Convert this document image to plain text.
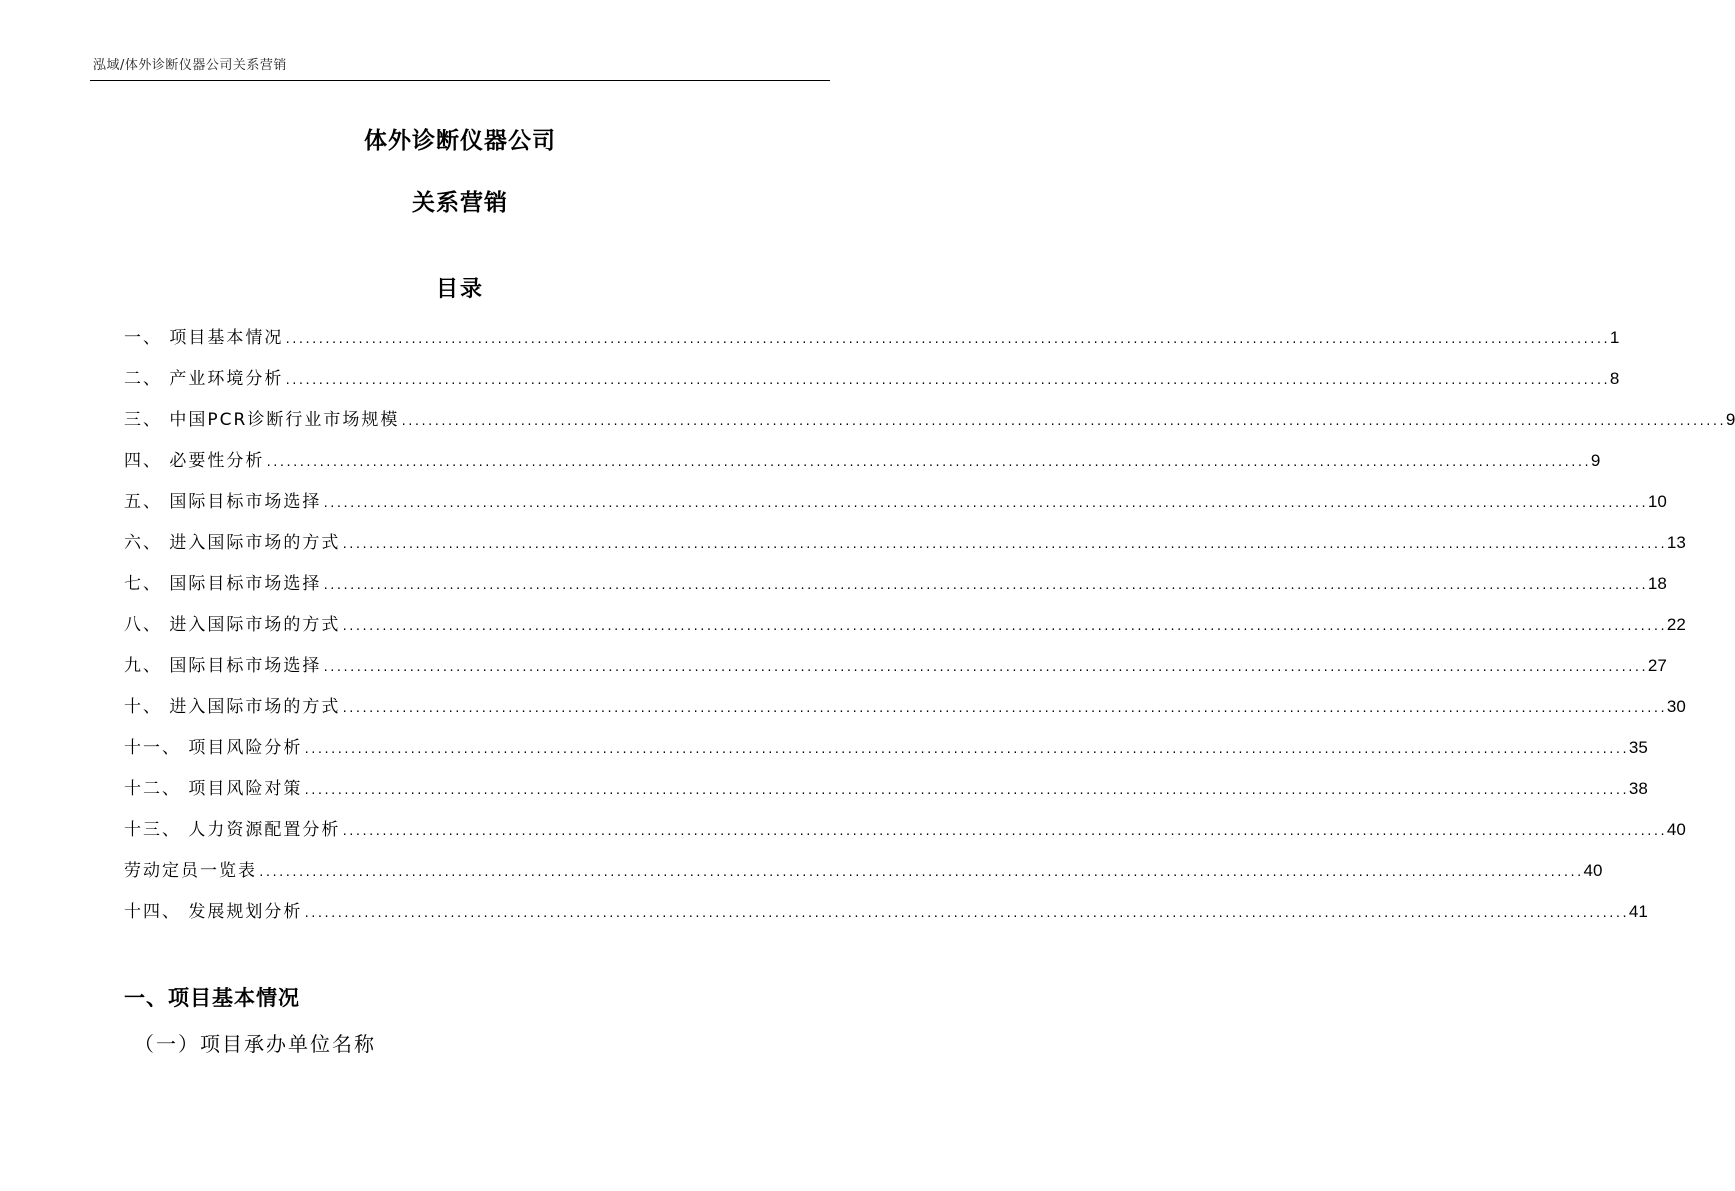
泓域/体外诊断仪器公司关系营销
体外诊断仪器公司
关系营销
目录
一、 项目基本情况 ........................................................................................................................................................................................................ 1
二、 产业环境分析 ........................................................................................................................................................................................................ 8
三、 中国PCR诊断行业市场规模 ........................................................................................................................................................................................................ 9
四、 必要性分析 ........................................................................................................................................................................................................ 9
五、 国际目标市场选择 ........................................................................................................................................................................................................ 10
六、 进入国际市场的方式 ........................................................................................................................................................................................................ 13
七、 国际目标市场选择 ........................................................................................................................................................................................................ 18
八、 进入国际市场的方式 ........................................................................................................................................................................................................ 22
九、 国际目标市场选择 ........................................................................................................................................................................................................ 27
十、 进入国际市场的方式 ........................................................................................................................................................................................................ 30
十一、 项目风险分析 ........................................................................................................................................................................................................ 35
十二、 项目风险对策 ........................................................................................................................................................................................................ 38
十三、 人力资源配置分析 ........................................................................................................................................................................................................ 40
劳动定员一览表 ........................................................................................................................................................................................................ 40
十四、 发展规划分析 ........................................................................................................................................................................................................ 41
一、项目基本情况
（一）项目承办单位名称
